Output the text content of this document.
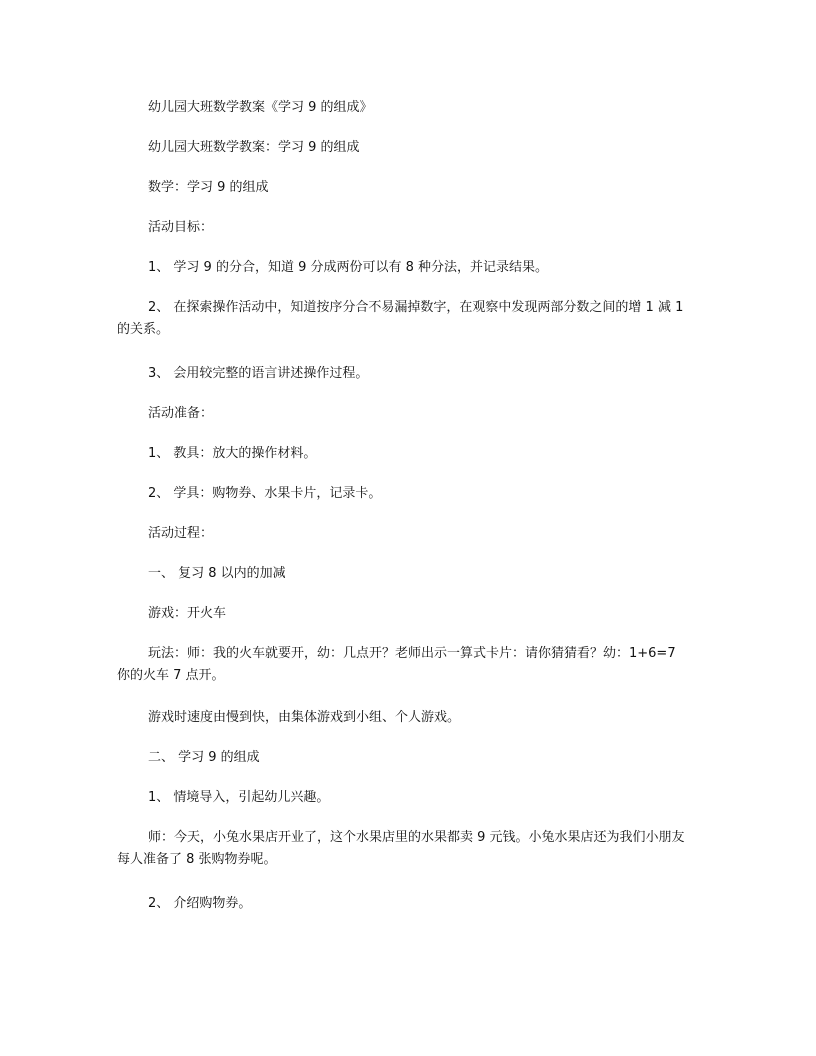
幼儿园大班数学教案《学习 9 的组成》

幼儿园大班数学教案：学习 9 的组成

数学：学习 9 的组成

活动目标：

1、 学习 9 的分合，知道 9 分成两份可以有 8 种分法，并记录结果。

2、 在探索操作活动中，知道按序分合不易漏掉数字，在观察中发现两部分数之间的增 1 减 1 的关系。

3、 会用较完整的语言讲述操作过程。

活动准备：

1、 教具：放大的操作材料。

2、 学具：购物券、水果卡片，记录卡。

活动过程：

一、 复习 8 以内的加减

游戏：开火车

玩法：师：我的火车就要开，幼：几点开？老师出示一算式卡片：请你猜猜看？幼：1+6=7 你的火车 7 点开。

游戏时速度由慢到快，由集体游戏到小组、个人游戏。

二、 学习 9 的组成

1、 情境导入，引起幼儿兴趣。

师：今天，小兔水果店开业了，这个水果店里的水果都卖 9 元钱。小兔水果店还为我们小朋友每人准备了 8 张购物券呢。

2、 介绍购物券。
